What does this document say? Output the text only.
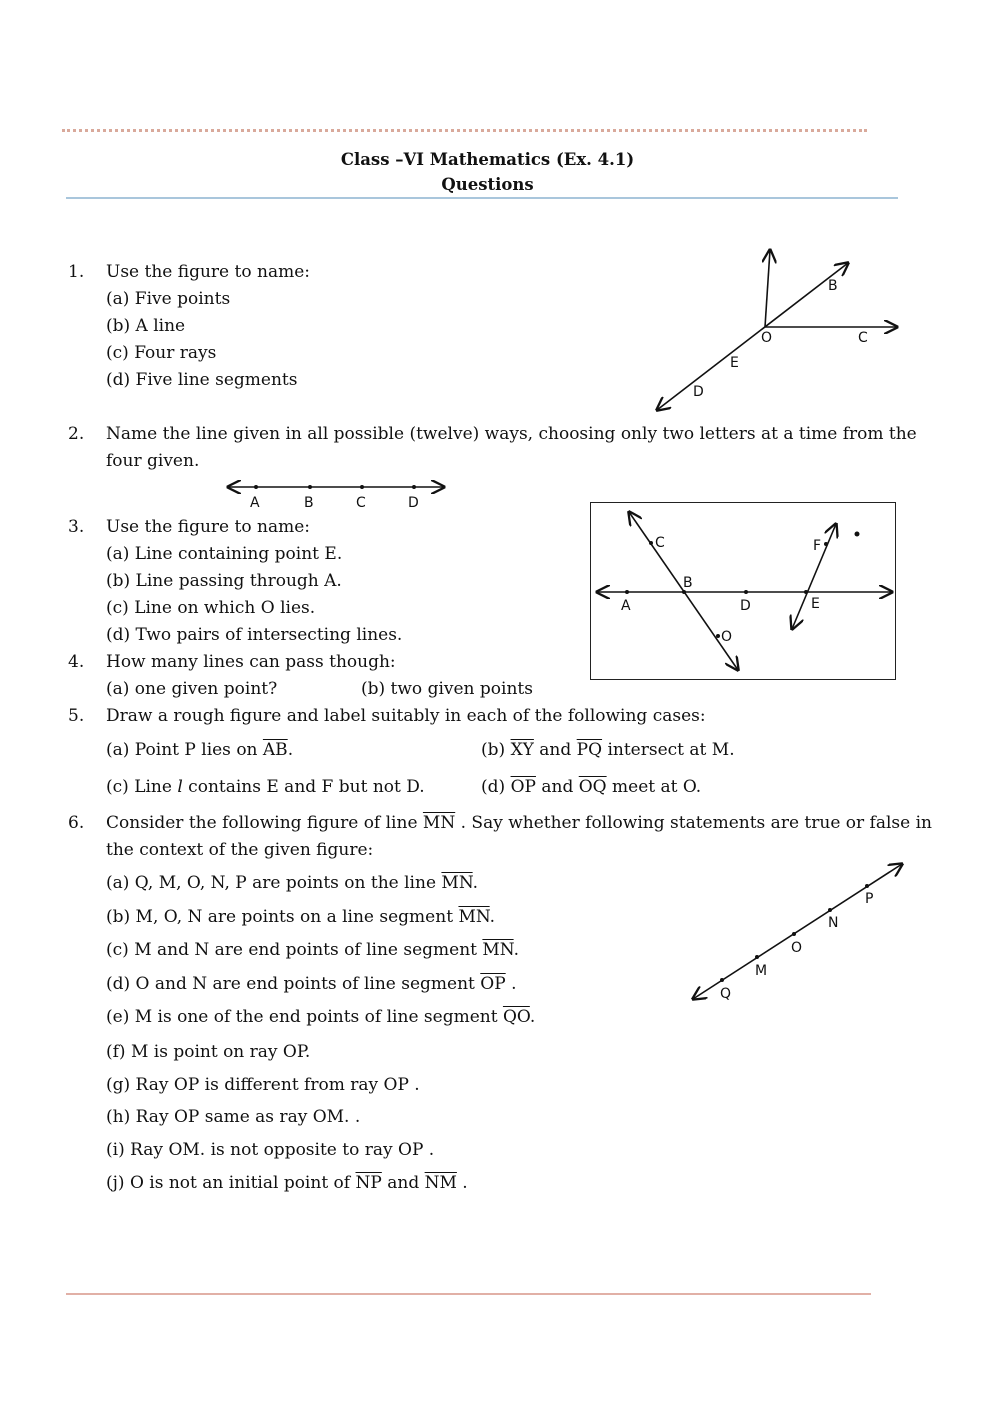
Class –VI Mathematics (Ex. 4.1)
Questions
1. Use the figure to name:
(a) Five points
(b) A line
(c) Four rays
(d) Five line segments
B
O	C
E
D
2. Name the line given in all possible (twelve) ways, choosing only two letters at a time from the
four given.
A	B	C	D
3. Use the figure to name:
(a) Line containing point E.
(b) Line passing through A.
(c) Line on which O lies.
(d) Two pairs of intersecting lines.
C	F
B
A	D	E
O
4. How many lines can pass though:
(a) one given point?	(b) two given points
5. Draw a rough figure and label suitably in each of the following cases:
(a) Point P lies on $\overline{AB}$.	(b) $\overline{XY}$ and $\overline{PQ}$ intersect at M.
(c) Line l contains E and F but not D.	(d) $\overline{OP}$ and $\overline{OQ}$ meet at O.
6. Consider the following figure of line $\overline{MN}$ . Say whether following statements are true or false in
the context of the given figure:
(a) Q, M, O, N, P are points on the line $\overline{MN}$.
(b) M, O, N are points on a line segment $\overline{MN}$.
(c) M and N are end points of line segment $\overline{MN}$.
(d) O and N are end points of line segment $\overline{OP}$ .
(e) M is one of the end points of line segment $\overline{QO}$.
(f) M is point on ray OP.
(g) Ray OP is different from ray OP .
(h) Ray OP same as ray OM. .
(i) Ray OM. is not opposite to ray OP .
(j) O is not an initial point of $\overline{NP}$ and $\overline{NM}$ .
P
N
O
M
Q
